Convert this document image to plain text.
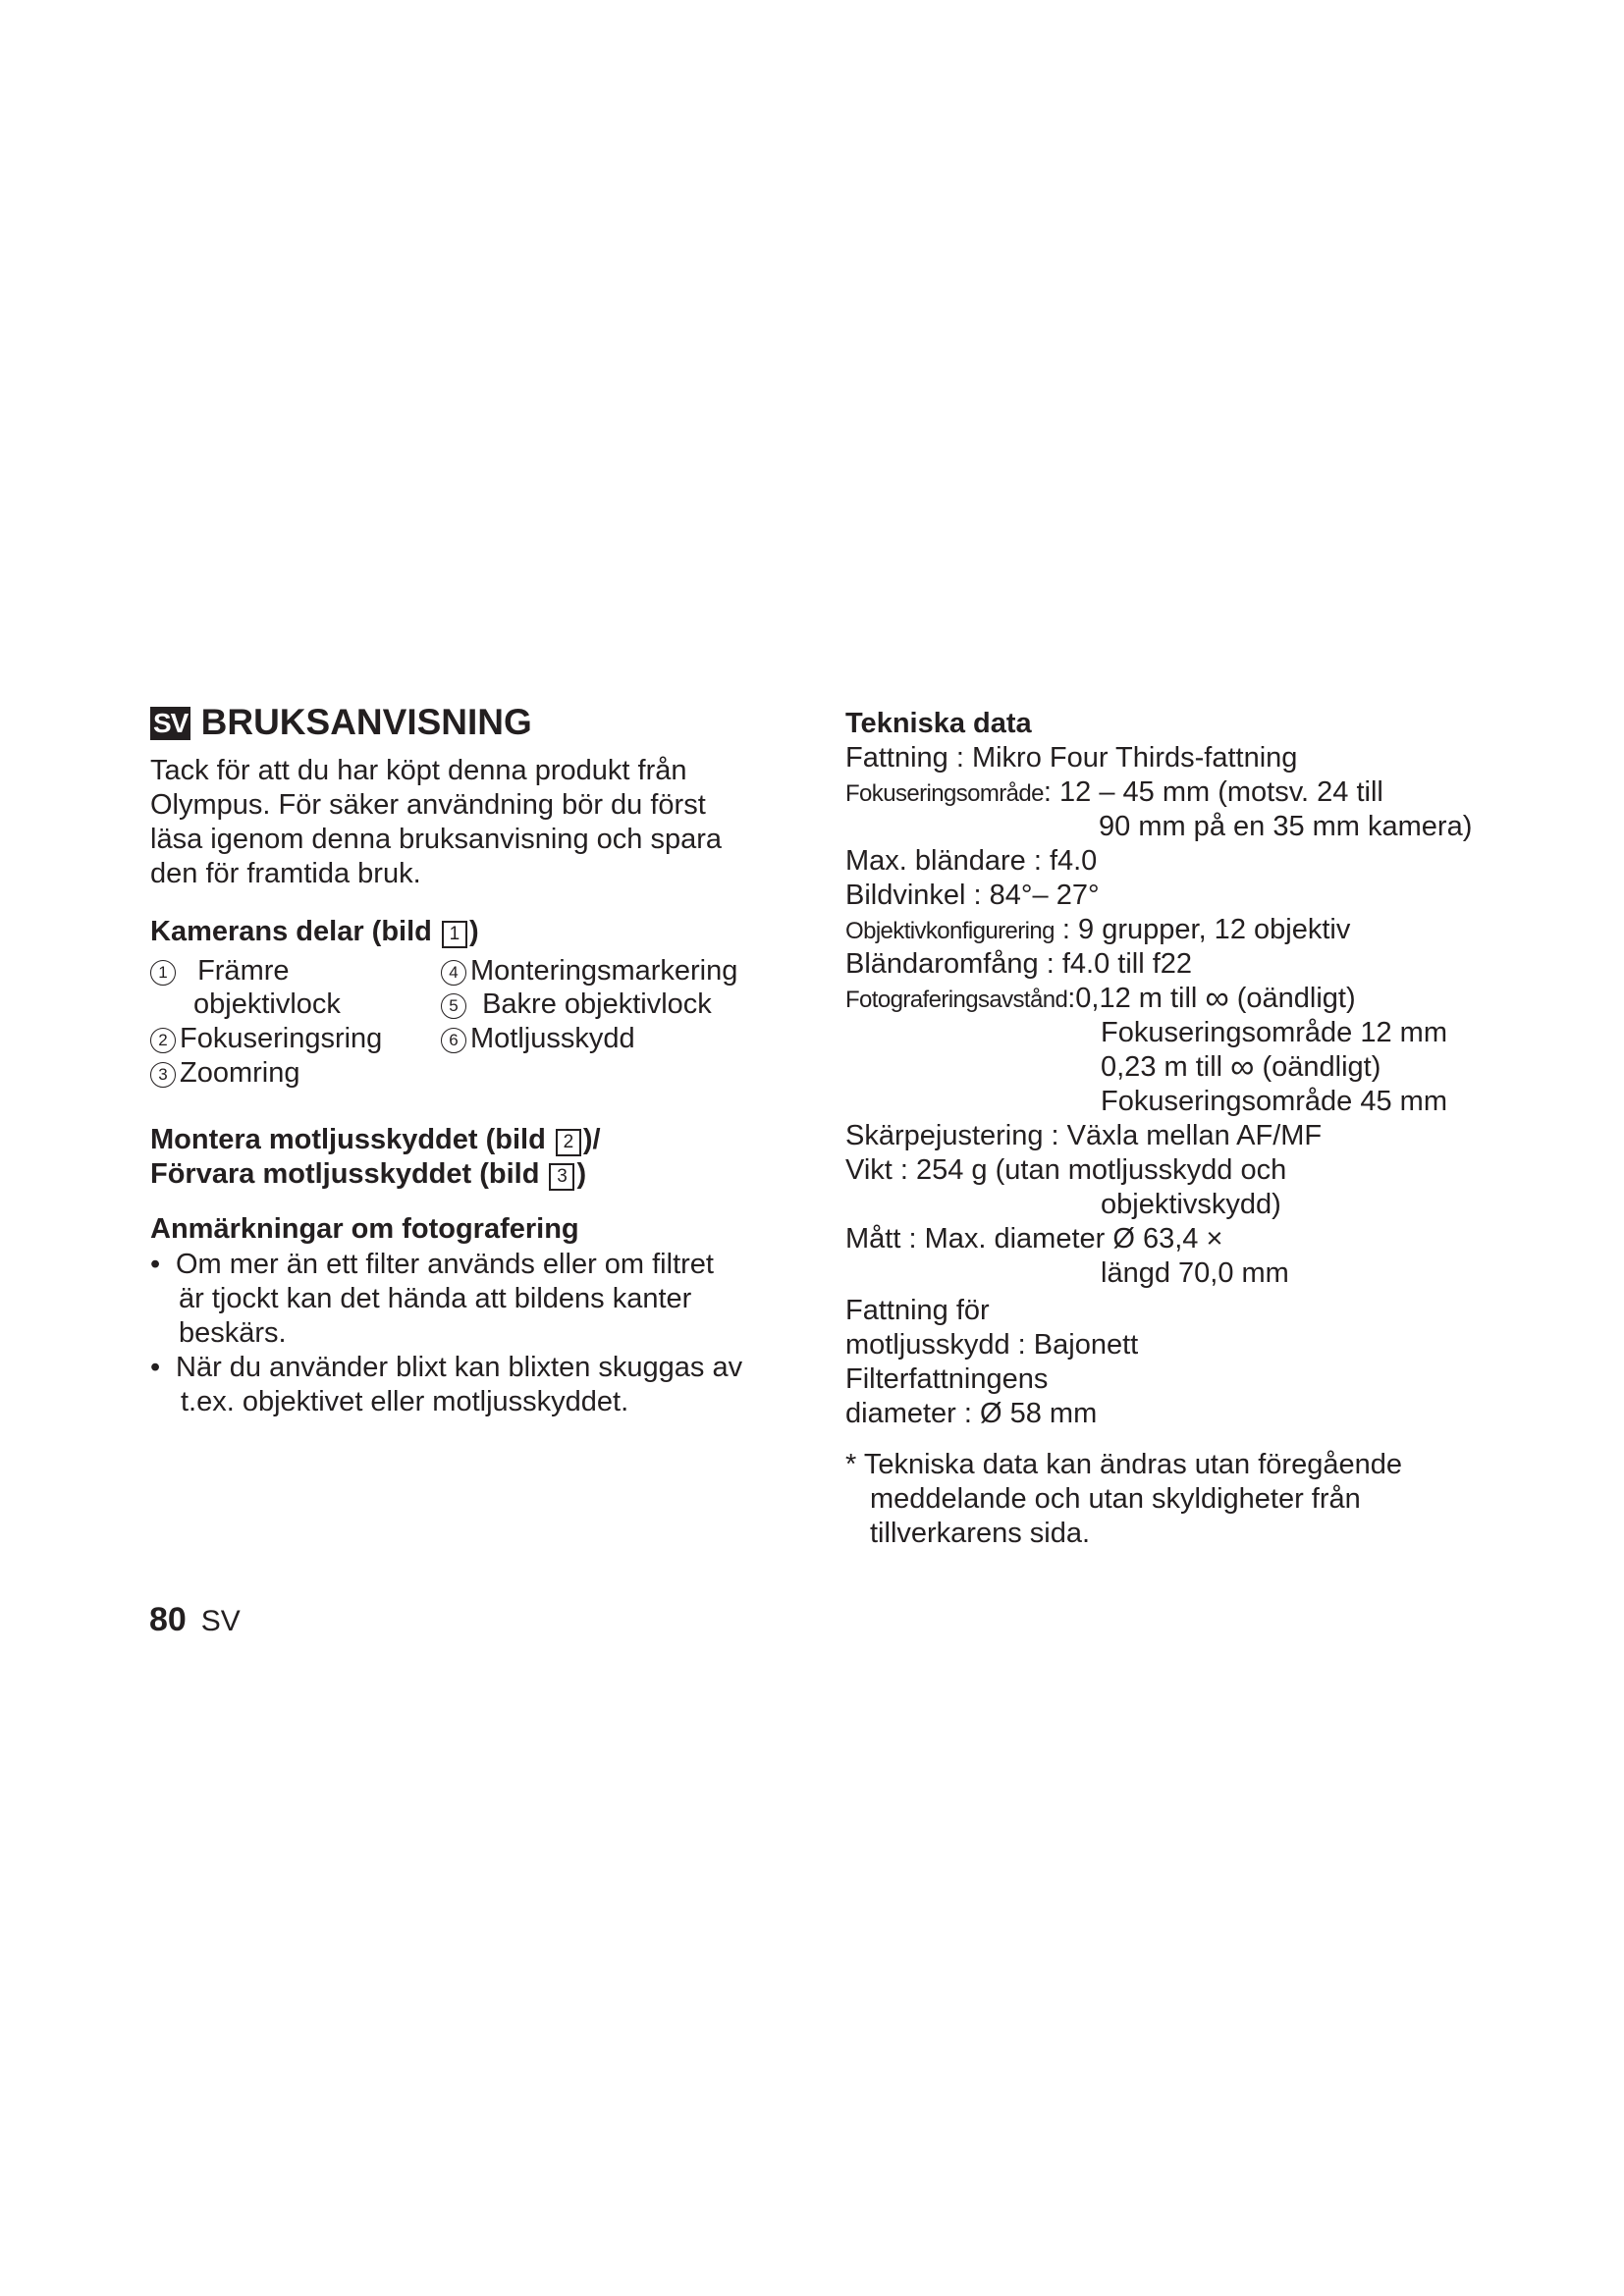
SV BRUKSANVISNING
Tack för att du har köpt denna produkt från
Olympus. För säker användning bör du först
läsa igenom denna bruksanvisning och spara
den för framtida bruk.
Kamerans delar (bild 1 )
1 Främre
objektivlock
2 Fokuseringsring
3 Zoomring
4 Monteringsmarkering
5 Bakre objektivlock
6 Motljusskydd
Montera motljusskyddet (bild 2 )/
Förvara motljusskyddet (bild 3 )
Anmärkningar om fotografering
• Om mer än ett filter används eller om filtret
är tjockt kan det hända att bildens kanter
beskärs.
• När du använder blixt kan blixten skuggas av
t.ex. objektivet eller motljusskyddet.
Tekniska data
Fattning : Mikro Four Thirds-fattning
Fokuseringsområde: 12 – 45 mm (motsv. 24 till
90 mm på en 35 mm kamera)
Max. bländare : f4.0
Bildvinkel : 84°– 27°
Objektivkonfigurering : 9 grupper, 12 objektiv
Bländaromfång : f4.0 till f22
Fotograferingsavstånd:0,12 m till ∞ (oändligt)
Fokuseringsområde 12 mm
0,23 m till ∞ (oändligt)
Fokuseringsområde 45 mm
Skärpejustering : Växla mellan AF/MF
Vikt : 254 g (utan motljusskydd och
objektivskydd)
Mått : Max. diameter Ø 63,4 ×
längd 70,0 mm
Fattning för
motljusskydd : Bajonett
Filterfattningens
diameter : Ø 58 mm
* Tekniska data kan ändras utan föregående
meddelande och utan skyldigheter från
tillverkarens sida.
80 SV
